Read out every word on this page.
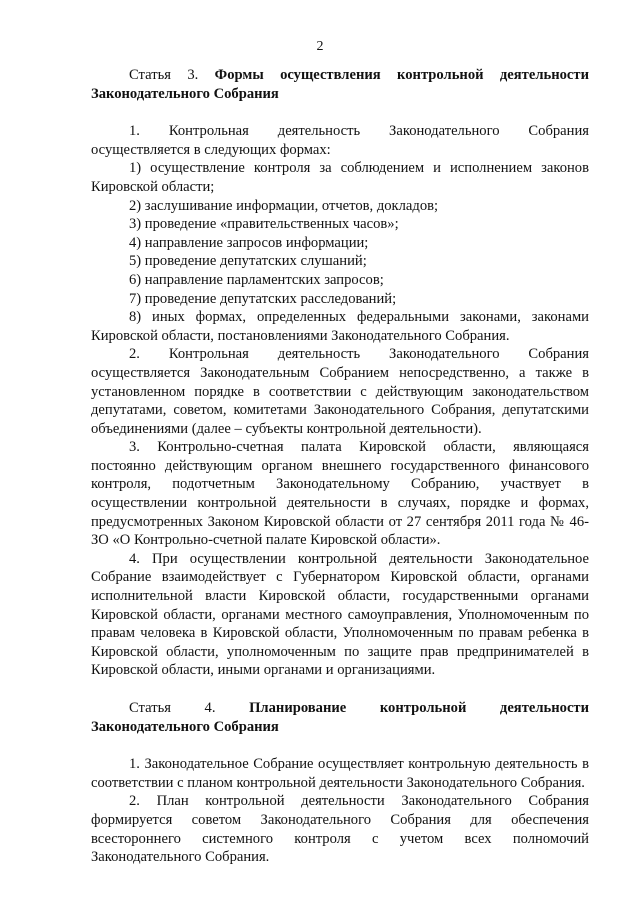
2

Статья 3. Формы осуществления контрольной деятельности Законодательного Собрания

1. Контрольная деятельность Законодательного Собрания осуществляется в следующих формах:

1) осуществление контроля за соблюдением и исполнением законов Кировской области;

2) заслушивание информации, отчетов, докладов;

3) проведение «правительственных часов»;

4) направление запросов информации;

5) проведение депутатских слушаний;

6) направление парламентских запросов;

7) проведение депутатских расследований;

8) иных формах, определенных федеральными законами, законами Кировской области, постановлениями Законодательного Собрания.

2. Контрольная деятельность Законодательного Собрания осуществляется Законодательным Собранием непосредственно, а также в установленном порядке в соответствии с действующим законодательством депутатами, советом, комитетами Законодательного Собрания, депутатскими объединениями (далее – субъекты контрольной деятельности).

3. Контрольно-счетная палата Кировской области, являющаяся постоянно действующим органом внешнего государственного финансового контроля, подотчетным Законодательному Собранию, участвует в осуществлении контрольной деятельности в случаях, порядке и формах, предусмотренных Законом Кировской области от 27 сентября 2011 года № 46-ЗО «О Контрольно-счетной палате Кировской области».

4. При осуществлении контрольной деятельности Законодательное Собрание взаимодействует с Губернатором Кировской области, органами исполнительной власти Кировской области, государственными органами Кировской области, органами местного самоуправления, Уполномоченным по правам человека в Кировской области, Уполномоченным по правам ребенка в Кировской области, уполномоченным по защите прав предпринимателей в Кировской области, иными органами и организациями.

Статья 4. Планирование контрольной деятельности Законодательного Собрания

1. Законодательное Собрание осуществляет контрольную деятельность в соответствии с планом контрольной деятельности Законодательного Собрания.

2. План контрольной деятельности Законодательного Собрания формируется советом Законодательного Собрания для обеспечения всестороннего системного контроля с учетом всех полномочий Законодательного Собрания.
